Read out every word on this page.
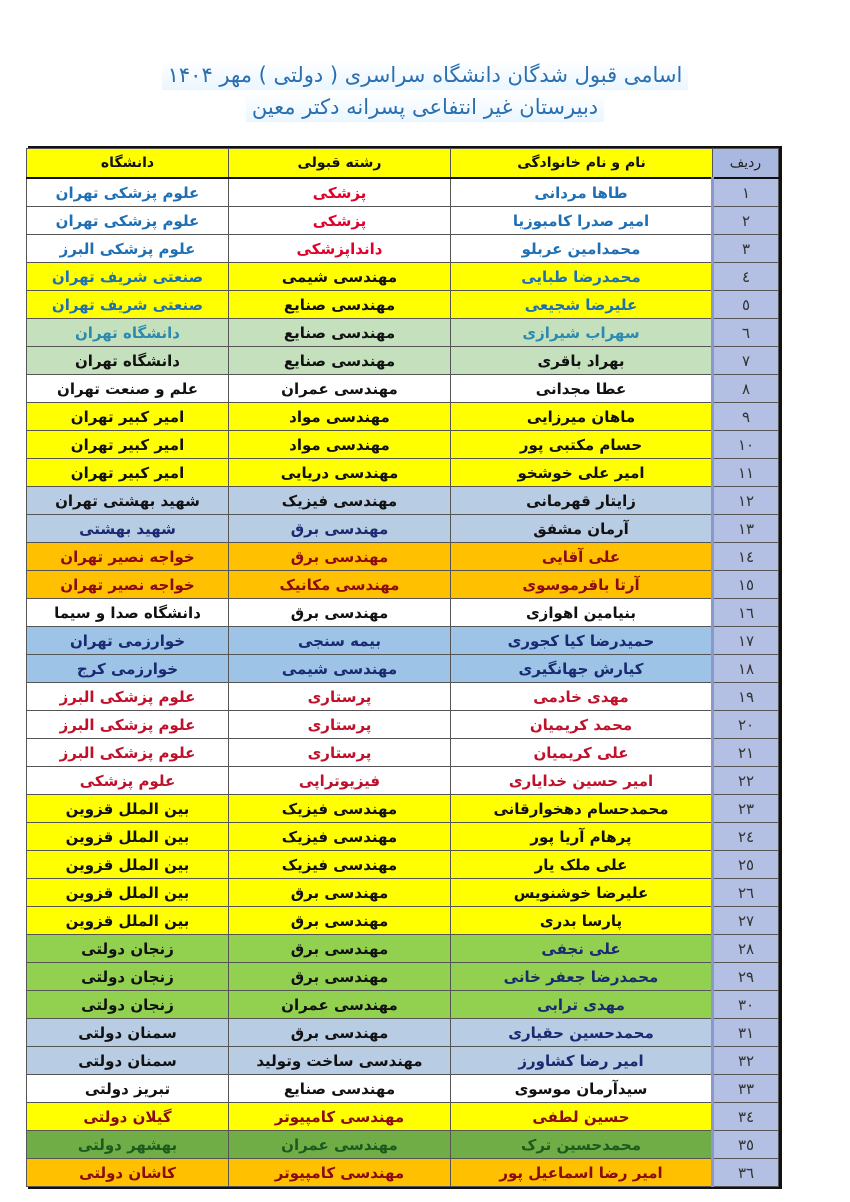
اسامی قبول شدگان دانشگاه سراسری ( دولتی ) مهر ۱۴۰۴
دبیرستان غیر انتفاعی پسرانه دکتر معین
ردیف	نام و نام خانوادگی	رشته قبولی	دانشگاه
۱	طاها مردانی	پزشکی	علوم پزشکی تهران
۲	امیر صدرا کامبوزیا	پزشکی	علوم پزشکی تهران
۳	محمدامین عربلو	دانداپزشکی	علوم پزشکی البرز
٤	محمدرضا طبایی	مهندسی شیمی	صنعتی شریف تهران
٥	علیرضا شجیعی	مهندسی صنایع	صنعتی شریف تهران
٦	سهراب شیرازی	مهندسی صنایع	دانشگاه تهران
٧	بهراد باقری	مهندسی صنایع	دانشگاه تهران
٨	عطا مجدانی	مهندسی عمران	علم و صنعت تهران
٩	ماهان میرزایی	مهندسی مواد	امیر کبیر تهران
١٠	حسام مکتبی پور	مهندسی مواد	امیر کبیر تهران
١١	امیر علی خوشخو	مهندسی دریایی	امیر کبیر تهران
١٢	زایتار قهرمانی	مهندسی فیزیک	شهید بهشتی تهران
١٣	آرمان مشفق	مهندسی برق	شهید بهشتی
١٤	علی آقایی	مهندسی برق	خواجه نصیر تهران
١٥	آرتا باقرموسوی	مهندسی مکانیک	خواجه نصیر تهران
١٦	بنیامین اهوازی	مهندسی برق	دانشگاه صدا و سیما
١٧	حمیدرضا کیا کجوری	بیمه سنجی	خوارزمی تهران
١٨	کیارش جهانگیری	مهندسی شیمی	خوارزمی کرج
١٩	مهدی خادمی	پرستاری	علوم پزشکی البرز
٢٠	محمد کریمیان	پرستاری	علوم پزشکی البرز
٢١	علی کریمیان	پرستاری	علوم پزشکی البرز
٢٢	امیر حسین خدایاری	فیزیوتراپی	علوم پزشکی
٢٣	محمدحسام دهخوارقانی	مهندسی فیزیک	بین الملل قزوین
٢٤	پرهام آریا پور	مهندسی فیزیک	بین الملل قزوین
٢٥	علی ملک یار	مهندسی فیزیک	بین الملل قزوین
٢٦	علیرضا خوشنویس	مهندسی برق	بین الملل قزوین
٢٧	پارسا بدری	مهندسی برق	بین الملل قزوین
٢٨	علی نجفی	مهندسی برق	زنجان دولتی
٢٩	محمدرضا جعفر خانی	مهندسی برق	زنجان دولتی
٣٠	مهدی ترابی	مهندسی عمران	زنجان دولتی
٣١	محمدحسین حقیاری	مهندسی برق	سمنان دولتی
٣٢	امیر رضا کشاورز	مهندسی ساخت وتولید	سمنان دولتی
٣٣	سیدآرمان موسوی	مهندسی صنایع	تبریز دولتی
٣٤	حسین لطفی	مهندسی کامپیوتر	گیلان دولتی
٣٥	محمدحسین ترک	مهندسی عمران	بهشهر دولتی
٣٦	امیر رضا اسماعیل پور	مهندسی کامپیوتر	کاشان دولتی
